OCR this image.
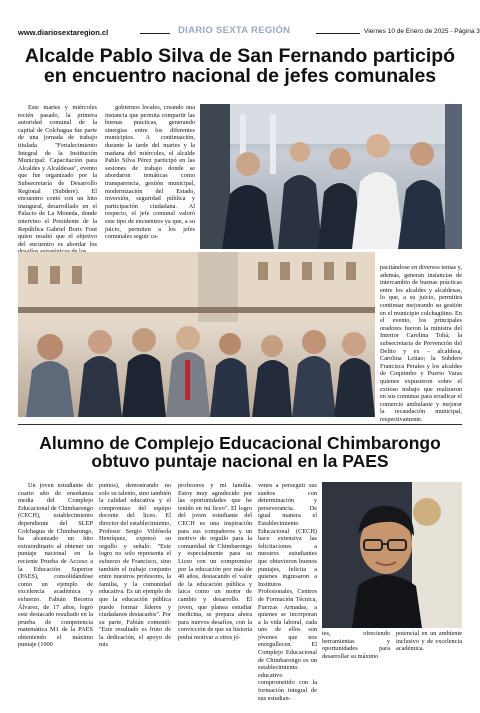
www.diariosextaregion.cl	DIARIO SEXTA REGIÓN	Viernes 10 de Enero de 2025 - Página 3
Alcalde Pablo Silva de San Fernando participó
en encuentro nacional de jefes comunales

Este martes y miércoles recién pasado, la primera autoridad comunal de la capital de Colchagua fue parte de una jornada de trabajo titulada "Fortalecimiento Integral de la Institución Municipal: Capacitación para Alcaldes y Alcaldesas", evento que fue organizado por la Subsecretaría de Desarrollo Regional (Subdere). El encuentro contó con un hito inaugural, desarrollado en el Palacio de La Moneda, donde intervino el Presidente de la República Gabriel Boric Font quien resaltó que el objetivo del encuentro es abordar los

gobiernos locales, creando una instancia que permita compartir las buenas prácticas, generando sinergias entre los diferentes municipios. A continuación, durante la tarde del martes y la mañana del miércoles, el alcalde Pablo Silva Pérez participó en las sesiones de trabajo donde se abordaron temáticas como transparencia, gestión municipal, modernización del Estado, inversión, seguridad pública y participación ciudadana. Al respecto, el jefe comunal valoró este tipo de encuentros ya que, a su juicio, permiten a los jefes comunales seguir ca-

pacitándose en diversos temas y, además, generan instancias de intercambio de buenas prácticas entre los alcaldes y alcaldesas, lo que, a su juicio, permitirá continuar mejorando su gestión en el municipio colchagüino. En el evento, los principales oradores fueron la ministra del Interior Carolina Tohá; la subsecretaria de Prevención del Delito y ex – alcaldesa, Carolina Leitao; la Subdere Francisca Perales y los alcaldes de Coquimbo y Puerto Varas quienes expusieron sobre el exitoso trabajo que realizaron en sus comunas para erradicar el comercio ambulante y mejorar la recaudación municipal, respectivamente.

Alumno de Complejo Educacional Chimbarongo
obtuvo puntaje nacional en la PAES

Un joven estudiante de cuarto año de enseñanza media del Complejo Educacional de Chimbarongo (CECH), establecimiento dependiente del SLEP Colchagua de Chimbarongo, ha alcanzado un hito extraordinario al obtener un puntaje nacional en la reciente Prueba de Acceso a la Educación Superior (PAES), consolidándose como un ejemplo de excelencia académica y esfuerzo. Fabián Becerra Álvarez, de 17 años, logró este destacado resultado en la prueba de competencia matemática M1 de la PAES obteniendo el máximo puntaje (1000

puntos), demostrando no solo su talento, sino también la calidad educativa y el compromiso del equipo docente del liceo. El director del establecimiento, Profesor Sergio Vildósola Henríquez, expresó su orgullo y señaló: "Este logro no solo representa el esfuerzo de Francisco, sino también el trabajo conjunto entre nuestros profesores, la familia, y la comunidad educativa. Es un ejemplo de que la educación pública puede formar líderes y ciudadanos destacados". Por su parte, Fabián comentó: "Este resultado es fruto de la dedicación, el apoyo de mis

profesores y mi familia. Estoy muy agradecido por las oportunidades que he tenido en mi liceo". El logro del joven estudiante del CECH es una inspiración para sus compañeros y un motivo de orgullo para la comunidad de Chimbarongo y especialmente para su Liceo con un compromiso por la educación por más de 40 años, destacando el valor de la educación pública y laica como un motor de cambio y desarrollo. El joven, que planea estudiar medicina, se prepara ahora para nuevos desafíos, con la convicción de que su historia podrá motivar a otros jó-

venes a perseguir sus sueños con determinación y perseverancia. De igual manera el Establecimiento Educacional (CECH) hace extensiva las felicitaciones a nuestros estudiantes que obtuvieron buenos puntajes, felicita a quienes ingresaron a Institutos Profesionales, Centros de Formación Técnica, Fuerzas Armadas, a quienes se incorporan a la vida laboral, cada uno de ellos son jóvenes que nos enorgullecen. El Complejo Educacional de Chimbarongo es un establecimiento educativo comprometido con la formación integral de sus estudian-

tes, ofreciendo herramientas y oportunidades para desarrollar su máximo

potencial en un ambiente inclusivo y de excelencia académica.
